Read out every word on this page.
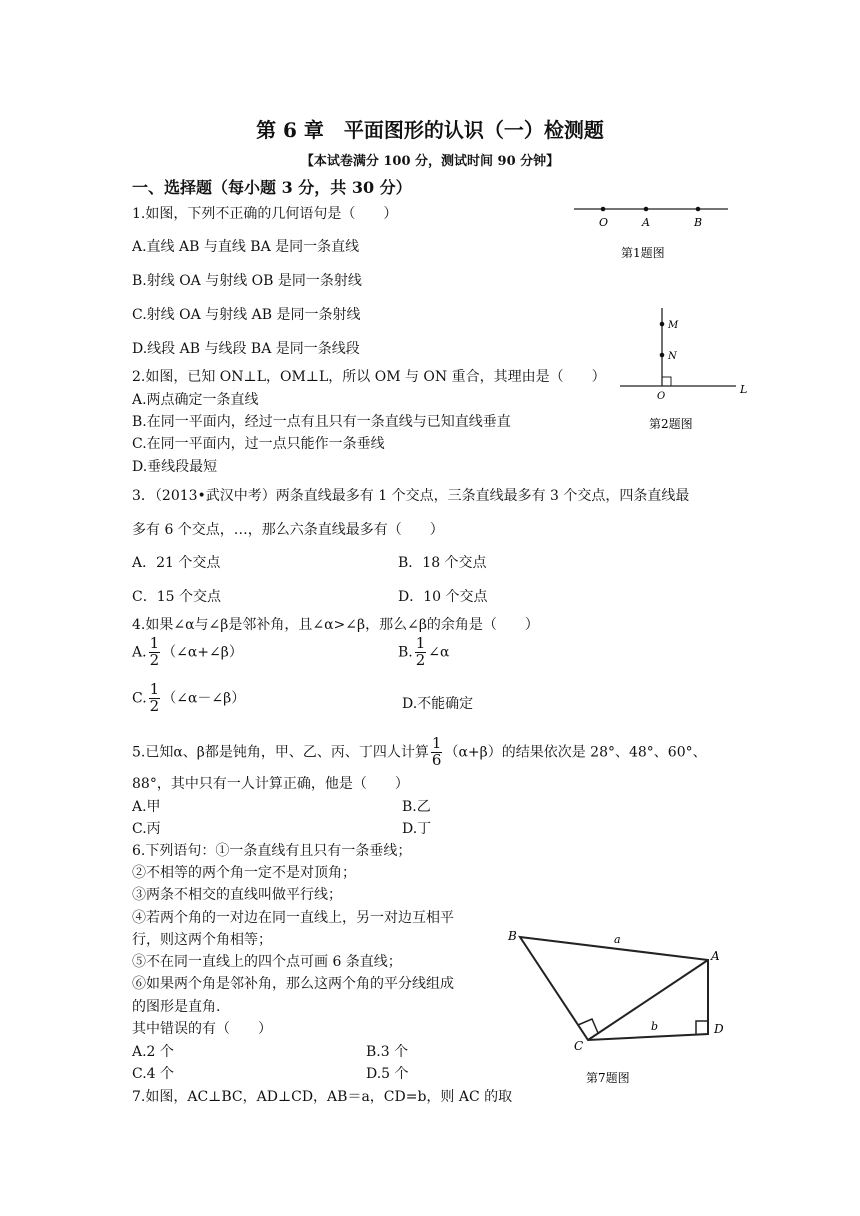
第 6 章　平面图形的认识（一）检测题
【本试卷满分 100 分，测试时间 90 分钟】
一、选择题（每小题 3 分，共 30 分）
1.如图，下列不正确的几何语句是（　　）
A.直线 AB 与直线 BA 是同一条直线
B.射线 OA 与射线 OB 是同一条射线
C.射线 OA 与射线 AB 是同一条射线
D.线段 AB 与线段 BA 是同一条线段
O	A	B
第1题图
2.如图，已知 ON⊥L，OM⊥L，所以 OM 与 ON 重合，其理由是（　　）
A.两点确定一条直线
B.在同一平面内，经过一点有且只有一条直线与已知直线垂直
C.在同一平面内，过一点只能作一条垂线
D.垂线段最短
M
N
O
L
第2题图
3．（2013•武汉中考）两条直线最多有 1 个交点，三条直线最多有 3 个交点，四条直线最
多有 6 个交点，…，那么六条直线最多有（　　）
A．21 个交点	B．18 个交点
C．15 个交点	D．10 个交点
4.如果∠α与∠β是邻补角，且∠α>∠β，那么∠β的余角是（　　）
A. $\frac{1}{2}$ （∠α+∠β）	B. $\frac{1}{2}$ ∠α
C. $\frac{1}{2}$ （∠α－∠β）	D.不能确定
5.已知α、β都是钝角，甲、乙、丙、丁四人计算 $\frac{1}{6} (\alpha+\beta)$的结果依次是 28°、48°、60°、
88°，其中只有一人计算正确，他是（　　）
A.甲	B.乙
C.丙	D.丁
6.下列语句：①一条直线有且只有一条垂线；
②不相等的两个角一定不是对顶角；
③两条不相交的直线叫做平行线；
④若两个角的一对边在同一直线上，另一对边互相平
行，则这两个角相等；
⑤不在同一直线上的四个点可画 6 条直线；
⑥如果两个角是邻补角，那么这两个角的平分线组成
的图形是直角.
其中错误的有（　　）
A.2 个	B.3 个
C.4 个	D.5 个
7.如图，AC⊥BC，AD⊥CD，AB＝a，CD=b，则 AC 的取
B
A
C
D
a
b
第7题图
